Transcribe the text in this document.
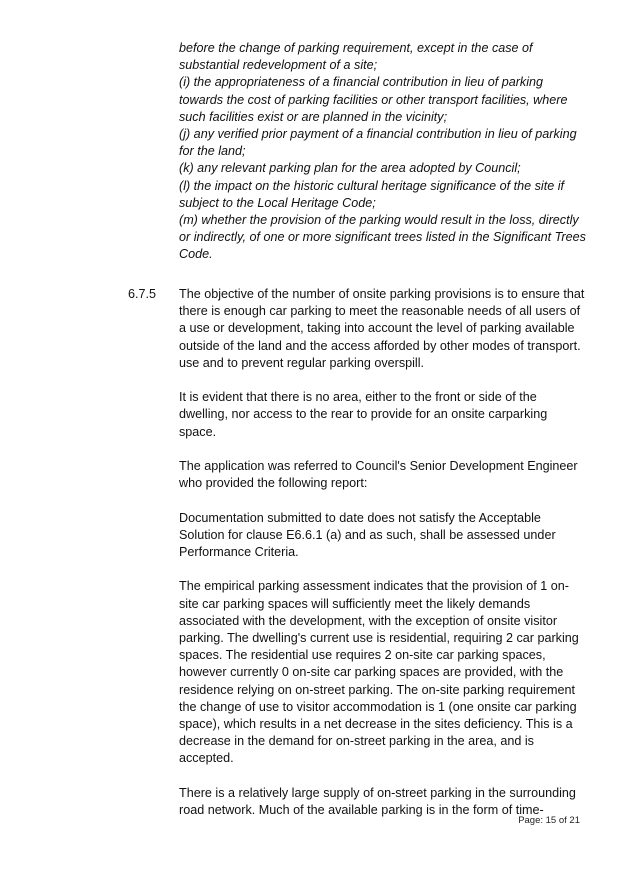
before the change of parking requirement, except in the case of substantial redevelopment of a site;

(i) the appropriateness of a financial contribution in lieu of parking towards the cost of parking facilities or other transport facilities, where such facilities exist or are planned in the vicinity;

(j) any verified prior payment of a financial contribution in lieu of parking for the land;

(k) any relevant parking plan for the area adopted by Council;

(l) the impact on the historic cultural heritage significance of the site if subject to the Local Heritage Code;

(m) whether the provision of the parking would result in the loss, directly or indirectly, of one or more significant trees listed in the Significant Trees Code.

6.7.5 The objective of the number of onsite parking provisions is to ensure that there is enough car parking to meet the reasonable needs of all users of a use or development, taking into account the level of parking available outside of the land and the access afforded by other modes of transport. use and to prevent regular parking overspill.

It is evident that there is no area, either to the front or side of the dwelling, nor access to the rear to provide for an onsite carparking space.

The application was referred to Council's Senior Development Engineer who provided the following report:

Documentation submitted to date does not satisfy the Acceptable Solution for clause E6.6.1 (a) and as such, shall be assessed under Performance Criteria.

The empirical parking assessment indicates that the provision of 1 on-site car parking spaces will sufficiently meet the likely demands associated with the development, with the exception of onsite visitor parking. The dwelling's current use is residential, requiring 2 car parking spaces. The residential use requires 2 on-site car parking spaces, however currently 0 on-site car parking spaces are provided, with the residence relying on on-street parking. The on-site parking requirement the change of use to visitor accommodation is 1 (one onsite car parking space), which results in a net decrease in the sites deficiency. This is a decrease in the demand for on-street parking in the area, and is accepted.

There is a relatively large supply of on-street parking in the surrounding road network. Much of the available parking is in the form of time-

Page: 15 of 21
